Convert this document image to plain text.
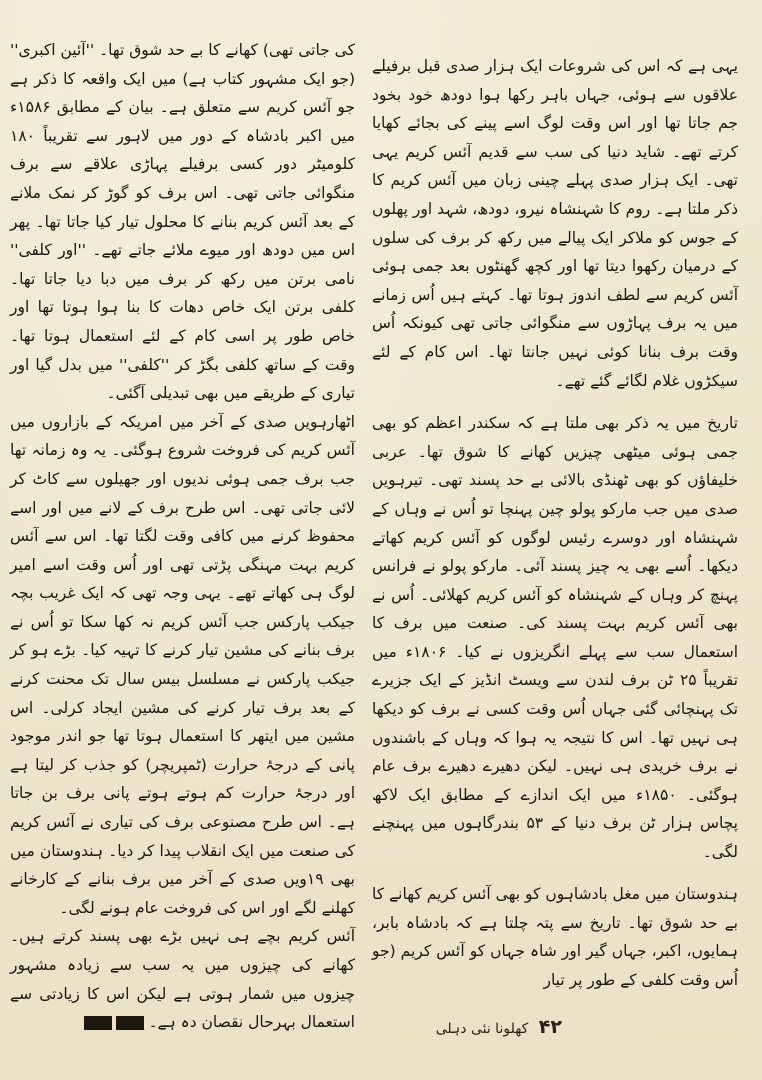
کی جاتی تھی) کھانے کا بے حد شوق تھا۔ ''آئین اکبری'' (جو ایک مشہور کتاب ہے) میں ایک واقعہ کا ذکر ہے جو آئس کریم سے متعلق ہے۔ بیان کے مطابق ۱۵۸۶ء میں اکبر بادشاہ کے دور میں لاہور سے تقریباً ۱۸۰ کلومیٹر دور کسی برفیلے پہاڑی علاقے سے برف منگوائی جاتی تھی۔ اس برف کو گوڑ کر نمک ملانے کے بعد آئس کریم بنانے کا محلول تیار کیا جاتا تھا۔ پھر اس میں دودھ اور میوے ملائے جاتے تھے۔ ''اور کلفی'' نامی برتن میں رکھ کر برف میں دبا دیا جاتا تھا۔ کلفی برتن ایک خاص دھات کا بنا ہوا ہوتا تھا اور خاص طور پر اسی کام کے لئے استعمال ہوتا تھا۔ وقت کے ساتھ کلفی بگڑ کر ''کلفی'' میں بدل گیا اور تیاری کے طریقے میں بھی تبدیلی آگئی۔

اٹھارہویں صدی کے آخر میں امریکہ کے بازاروں میں آئس کریم کی فروخت شروع ہوگئی۔ یہ وہ زمانہ تھا جب برف جمی ہوئی ندیوں اور جھیلوں سے کاٹ کر لائی جاتی تھی۔ اس طرح برف کے لانے میں اور اسے محفوظ کرنے میں کافی وقت لگتا تھا۔ اس سے آئس کریم بہت مہنگی پڑتی تھی اور اُس وقت اسے امیر لوگ ہی کھاتے تھے۔ یہی وجہ تھی کہ ایک غریب بچہ جیکب پارکس جب آئس کریم نہ کھا سکا تو اُس نے برف بنانے کی مشین تیار کرنے کا تہیہ کیا۔ بڑے ہو کر جیکب پارکس نے مسلسل بیس سال تک محنت کرنے کے بعد برف تیار کرنے کی مشین ایجاد کرلی۔ اس مشین میں ایتھر کا استعمال ہوتا تھا جو اندر موجود پانی کے درجۂ حرارت (ٹمپریچر) کو جذب کر لیتا ہے اور درجۂ حرارت کم ہوتے ہوتے پانی برف بن جاتا ہے۔ اس طرح مصنوعی برف کی تیاری نے آئس کریم کی صنعت میں ایک انقلاب پیدا کر دیا۔ ہندوستان میں بھی ۱۹ویں صدی کے آخر میں برف بنانے کے کارخانے کھلنے لگے اور اس کی فروخت عام ہونے لگی۔

آئس کریم بچے ہی نہیں بڑے بھی پسند کرتے ہیں۔ کھانے کی چیزوں میں یہ سب سے زیادہ مشہور چیزوں میں شمار ہوتی ہے لیکن اس کا زیادتی سے استعمال بہرحال نقصان دہ ہے۔

یہی ہے کہ اس کی شروعات ایک ہزار صدی قبل برفیلے علاقوں سے ہوئی، جہاں باہر رکھا ہوا دودھ خود بخود جم جاتا تھا اور اس وقت لوگ اسے پینے کی بجائے کھایا کرتے تھے۔ شاید دنیا کی سب سے قدیم آئس کریم یہی تھی۔ ایک ہزار صدی پہلے چینی زبان میں آئس کریم کا ذکر ملتا ہے۔ روم کا شہنشاہ نیرو، دودھ، شہد اور پھلوں کے جوس کو ملاکر ایک پیالے میں رکھ کر برف کی سلوں کے درمیان رکھوا دیتا تھا اور کچھ گھنٹوں بعد جمی ہوئی آئس کریم سے لطف اندوز ہوتا تھا۔ کہتے ہیں اُس زمانے میں یہ برف پہاڑوں سے منگوائی جاتی تھی کیونکہ اُس وقت برف بنانا کوئی نہیں جانتا تھا۔ اس کام کے لئے سیکڑوں غلام لگائے گئے تھے۔

تاریخ میں یہ ذکر بھی ملتا ہے کہ سکندر اعظم کو بھی جمی ہوئی میٹھی چیزیں کھانے کا شوق تھا۔ عربی خلیفاؤں کو بھی ٹھنڈی بالائی بے حد پسند تھی۔ تیرہویں صدی میں جب مارکو پولو چین پہنچا تو اُس نے وہاں کے شہنشاہ اور دوسرے رئیس لوگوں کو آئس کریم کھاتے دیکھا۔ اُسے بھی یہ چیز پسند آئی۔ مارکو پولو نے فرانس پہنچ کر وہاں کے شہنشاہ کو آئس کریم کھلائی۔ اُس نے بھی آئس کریم بہت پسند کی۔ صنعت میں برف کا استعمال سب سے پہلے انگریزوں نے کیا۔ ۱۸۰۶ء میں تقریباً ۲۵ ٹن برف لندن سے ویسٹ انڈیز کے ایک جزیرے تک پہنچائی گئی جہاں اُس وقت کسی نے برف کو دیکھا ہی نہیں تھا۔ اس کا نتیجہ یہ ہوا کہ وہاں کے باشندوں نے برف خریدی ہی نہیں۔ لیکن دھیرے دھیرے برف عام ہوگئی۔ ۱۸۵۰ء میں ایک اندازے کے مطابق ایک لاکھ پچاس ہزار ٹن برف دنیا کے ۵۳ بندرگاہوں میں پہنچنے لگی۔

ہندوستان میں مغل بادشاہوں کو بھی آئس کریم کھانے کا بے حد شوق تھا۔ تاریخ سے پتہ چلتا ہے کہ بادشاہ بابر، ہمایوں، اکبر، جہاں گیر اور شاہ جہاں کو آئس کریم (جو اُس وقت کلفی کے طور پر تیار

۴۲ کھلونا نئی دہلی
